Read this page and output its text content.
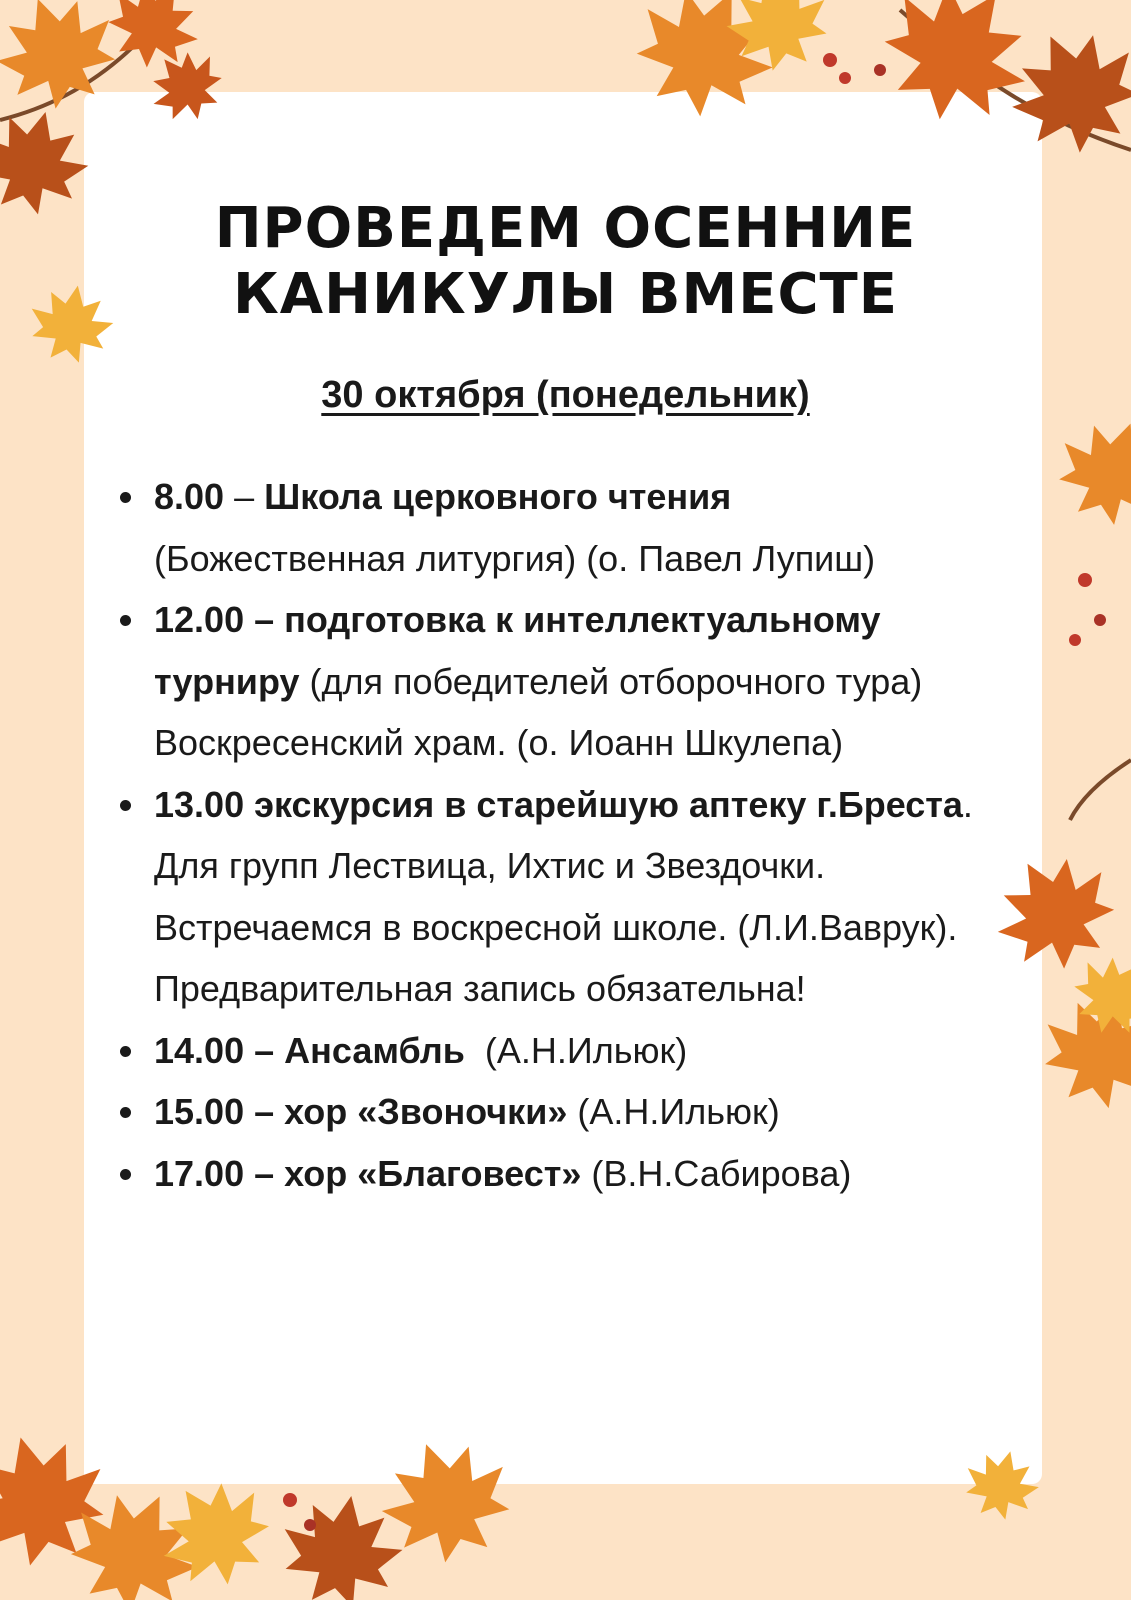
ПРОВЕДЕМ ОСЕННИЕ
КАНИКУЛЫ ВМЕСТЕ
30 октября (понедельник)
8.00 – Школа церковного чтения (Божественная литургия) (о. Павел Лупиш)
12.00 – подготовка к интеллектуальному турниру (для победителей отборочного тура) Воскресенский храм. (о. Иоанн Шкулепа)
13.00 экскурсия в старейшую аптеку г.Бреста. Для групп Лествица, Ихтис и Звездочки. Встречаемся в воскресной школе. (Л.И.Ваврук). Предварительная запись обязательна!
14.00 – Ансамбль  (А.Н.Ильюк)
15.00 – хор «Звоночки» (А.Н.Ильюк)
17.00 – хор «Благовест» (В.Н.Сабирова)
